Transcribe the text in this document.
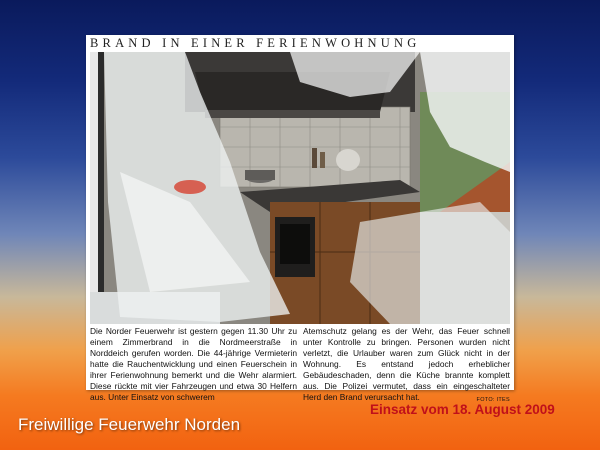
BRAND IN EINER FERIENWOHNUNG
Die Norder Feuerwehr ist gestern gegen 11.30 Uhr zu einem Zimmerbrand in die Nordmeerstraße in Norddeich gerufen worden. Die 44-jährige Vermieterin hatte die Rauchentwicklung und einen Feuerschein in ihrer Ferienwohnung bemerkt und die Wehr alarmiert. Diese rückte mit vier Fahrzeugen und etwa 30 Helfern aus. Unter Einsatz von schwerem
Atemschutz gelang es der Wehr, das Feuer schnell unter Kontrolle zu bringen. Personen wurden nicht verletzt, die Urlauber waren zum Glück nicht in der Wohnung. Es entstand jedoch erheblicher Gebäudeschaden, denn die Küche brannte komplett aus. Die Polizei vermutet, dass ein eingeschalteter Herd den Brand verursacht hat.	FOTO: ITES
Freiwillige Feuerwehr Norden
Einsatz vom 18. August 2009
